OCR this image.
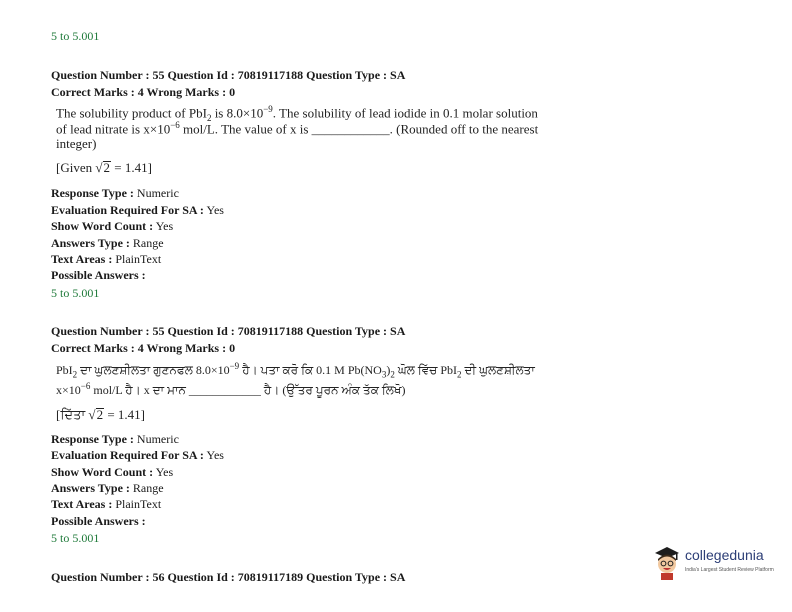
5 to 5.001
Question Number : 55 Question Id : 70819117188 Question Type : SA
Correct Marks : 4 Wrong Marks : 0
The solubility product of PbI$_2$ is $8.0\times 10^{-9}$. The solubility of lead iodide in 0.1 molar solution
of lead nitrate is $x\times 10^{-6}$ mol/L. The value of x is ____________. (Rounded off to the nearest
integer)
[Given √2 = 1.41]
Response Type : Numeric
Evaluation Required For SA : Yes
Show Word Count : Yes
Answers Type : Range
Text Areas : PlainText
Possible Answers :
5 to 5.001
Question Number : 55 Question Id : 70819117188 Question Type : SA
Correct Marks : 4 Wrong Marks : 0
PbI$_2$ ਦਾ ਘੁਲਣਸ਼ੀਲਤਾ ਗੁਣਨਫਲ $8.0\times 10^{-9}$ ਹੈ। ਪਤਾ ਕਰੋ ਕਿ 0.1 M $Pb(NO_3)_2$ ਘੋਲ ਵਿੱਚ PbI$_2$ ਦੀ ਘੁਲਣਸ਼ੀਲਤਾ
$x\times 10^{-6}$ mol/L ਹੈ। x ਦਾ ਮਾਨ ____________ ਹੈ। (ਉੱਤਰ ਪੂਰਨ ਅੰਕ ਤੱਕ ਲਿਖੋ)
[ਦਿੱਤਾ √2 = 1.41]
Response Type : Numeric
Evaluation Required For SA : Yes
Show Word Count : Yes
Answers Type : Range
Text Areas : PlainText
Possible Answers :
5 to 5.001
Question Number : 56 Question Id : 70819117189 Question Type : SA
collegedunia
India's Largest Student Review Platform
